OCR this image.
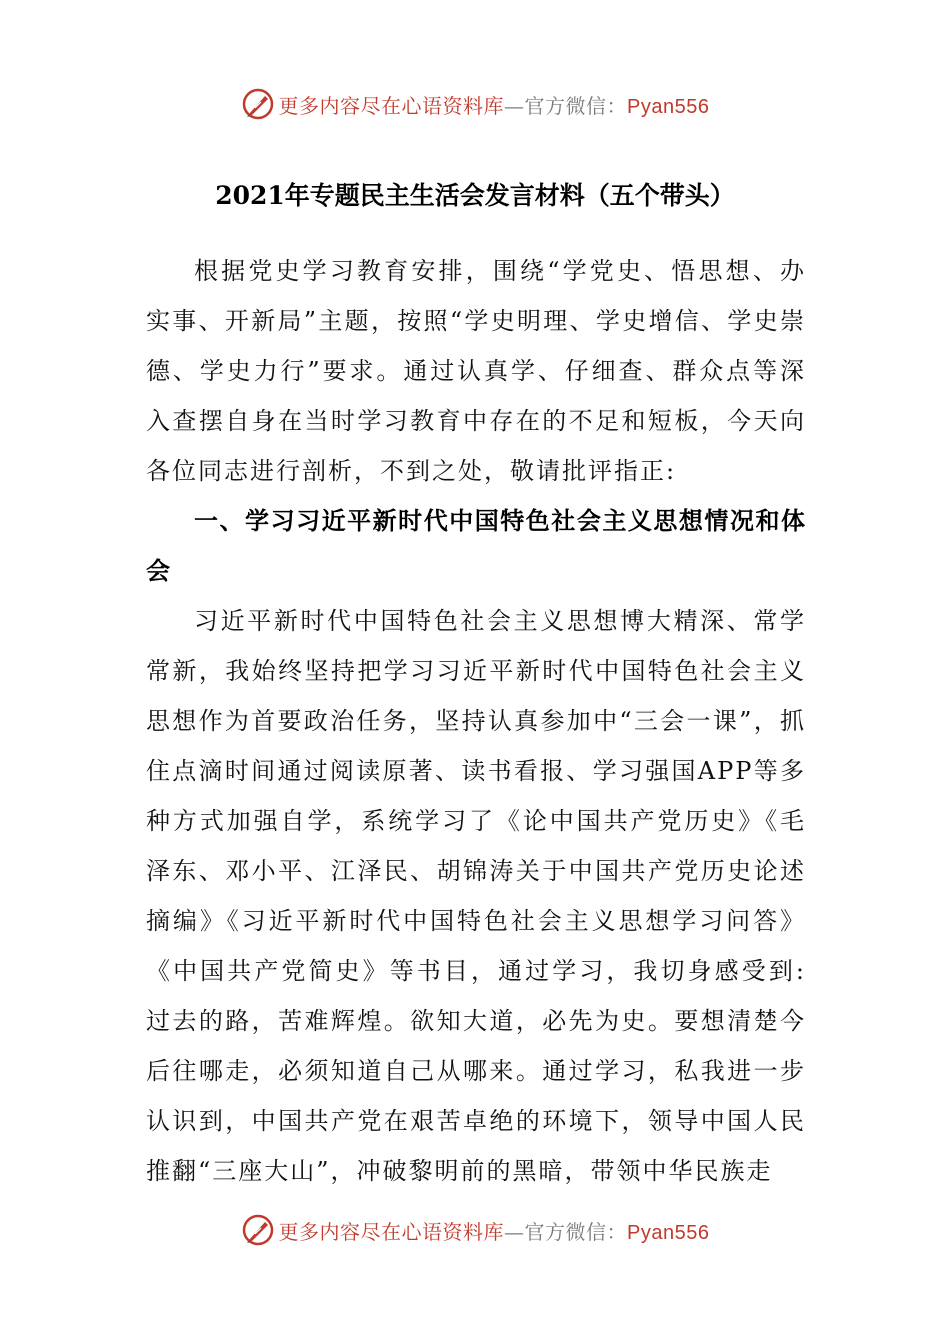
更多内容尽在心语资料库—官方微信：Pyan556
2021年专题民主生活会发言材料（五个带头）

根据党史学习教育安排，围绕“学党史、悟思想、办实事、开新局”主题，按照“学史明理、学史增信、学史崇德、学史力行”要求。通过认真学、仔细查、群众点等深入查摆自身在当时学习教育中存在的不足和短板，今天向各位同志进行剖析，不到之处，敬请批评指正:

一、学习习近平新时代中国特色社会主义思想情况和体会

习近平新时代中国特色社会主义思想博大精深、常学常新，我始终坚持把学习习近平新时代中国特色社会主义思想作为首要政治任务，坚持认真参加中“三会一课”，抓住点滴时间通过阅读原著、读书看报、学习强国APP等多种方式加强自学，系统学习了《论中国共产党历史》《毛泽东、邓小平、江泽民、胡锦涛关于中国共产党历史论述摘编》《习近平新时代中国特色社会主义思想学习问答》《中国共产党简史》等书目，通过学习，我切身感受到:过去的路，苦难辉煌。欲知大道，必先为史。要想清楚今后往哪走，必须知道自己从哪来。通过学习，私我进一步认识到，中国共产党在艰苦卓绝的环境下，领导中国人民推翻“三座大山”，冲破黎明前的黑暗，带领中华民族走

更多内容尽在心语资料库—官方微信：Pyan556
